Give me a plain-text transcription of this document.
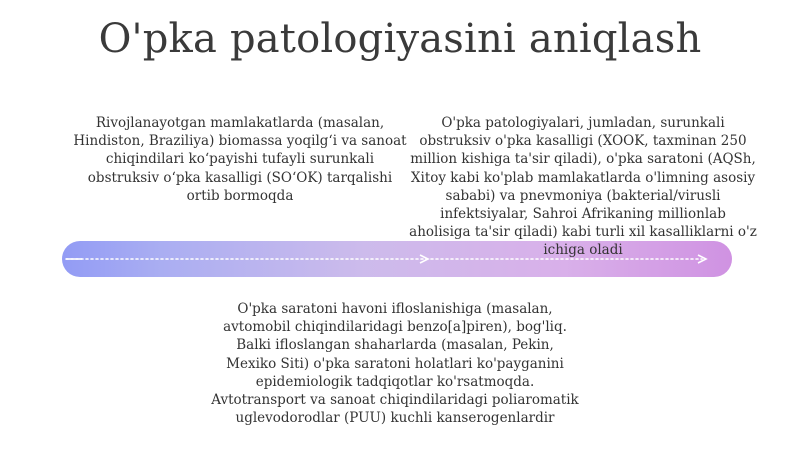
O'pka patologiyasini aniqlash
Rivojlanayotgan mamlakatlarda (masalan, Hindiston, Braziliya) biomassa yoqilg‘i va sanoat chiqindilari ko‘payishi tufayli surunkali obstruksiv o‘pka kasalligi (SO‘OK) tarqalishi ortib bormoqda
O'pka patologiyalari, jumladan, surunkali obstruksiv o'pka kasalligi (XOOK, taxminan 250 million kishiga ta'sir qiladi), o'pka saratoni (AQSh, Xitoy kabi ko'plab mamlakatlarda o'limning asosiy sababi) va pnevmoniya (bakterial/virusli infektsiyalar, Sahroi Afrikaning millionlab aholisiga ta'sir qiladi) kabi turli xil kasalliklarni o'z ichiga oladi
O'pka saratoni havoni ifloslanishiga (masalan, avtomobil chiqindilaridagi benzo[a]piren), bog'liq. Balki ifloslangan shaharlarda (masalan, Pekin, Mexiko Siti) o'pka saratoni holatlari ko'payganini epidemiologik tadqiqotlar ko'rsatmoqda. Avtotransport va sanoat chiqindilaridagi poliaromatik uglevodorodlar (PUU) kuchli kanserogenlardir
